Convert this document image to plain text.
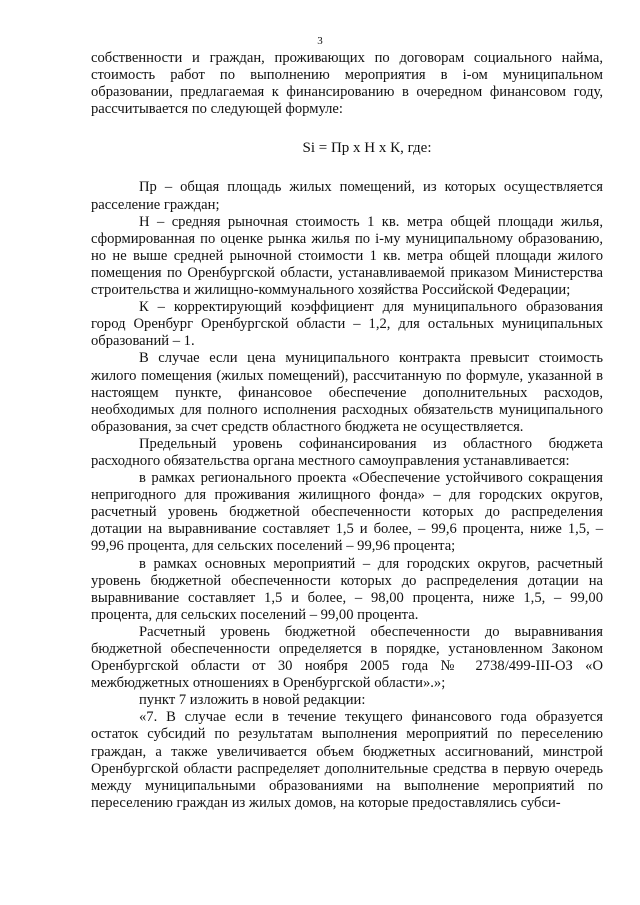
3

собственности и граждан, проживающих по договорам социального найма, стоимость работ по выполнению мероприятия в i-ом муниципальном образовании, предлагаемая к финансированию в очередном финансовом году, рассчитывается по следующей формуле:

Si = Пр х Н х К, где:

Пр – общая площадь жилых помещений, из которых осуществляется расселение граждан;

Н – средняя рыночная стоимость 1 кв. метра общей площади жилья, сформированная по оценке рынка жилья по i-му муниципальному образованию, но не выше средней рыночной стоимости 1 кв. метра общей площади жилого помещения по Оренбургской области, устанавливаемой приказом Министерства строительства и жилищно-коммунального хозяйства Российской Федерации;

К – корректирующий коэффициент для муниципального образования город Оренбург Оренбургской области – 1,2, для остальных муниципальных образований – 1.

В случае если цена муниципального контракта превысит стоимость жилого помещения (жилых помещений), рассчитанную по формуле, указанной в настоящем пункте, финансовое обеспечение дополнительных расходов, необходимых для полного исполнения расходных обязательств муниципального образования, за счет средств областного бюджета не осуществляется.

Предельный уровень софинансирования из областного бюджета расходного обязательства органа местного самоуправления устанавливается:

в рамках регионального проекта «Обеспечение устойчивого сокращения непригодного для проживания жилищного фонда» – для городских округов, расчетный уровень бюджетной обеспеченности которых до распределения дотации на выравнивание составляет 1,5 и более, – 99,6 процента, ниже 1,5, – 99,96 процента, для сельских поселений – 99,96 процента;

в рамках основных мероприятий – для городских округов, расчетный уровень бюджетной обеспеченности которых до распределения дотации на выравнивание составляет 1,5 и более, – 98,00 процента, ниже 1,5, – 99,00 процента, для сельских поселений – 99,00 процента.

Расчетный уровень бюджетной обеспеченности до выравнивания бюджетной обеспеченности определяется в порядке, установленном Законом Оренбургской области от 30 ноября 2005 года № 2738/499-III-ОЗ «О межбюджетных отношениях в Оренбургской области».»;

пункт 7 изложить в новой редакции:

«7. В случае если в течение текущего финансового года образуется остаток субсидий по результатам выполнения мероприятий по переселению граждан, а также увеличивается объем бюджетных ассигнований, минстрой Оренбургской области распределяет дополнительные средства в первую очередь между муниципальными образованиями на выполнение мероприятий по переселению граждан из жилых домов, на которые предоставлялись субси-
